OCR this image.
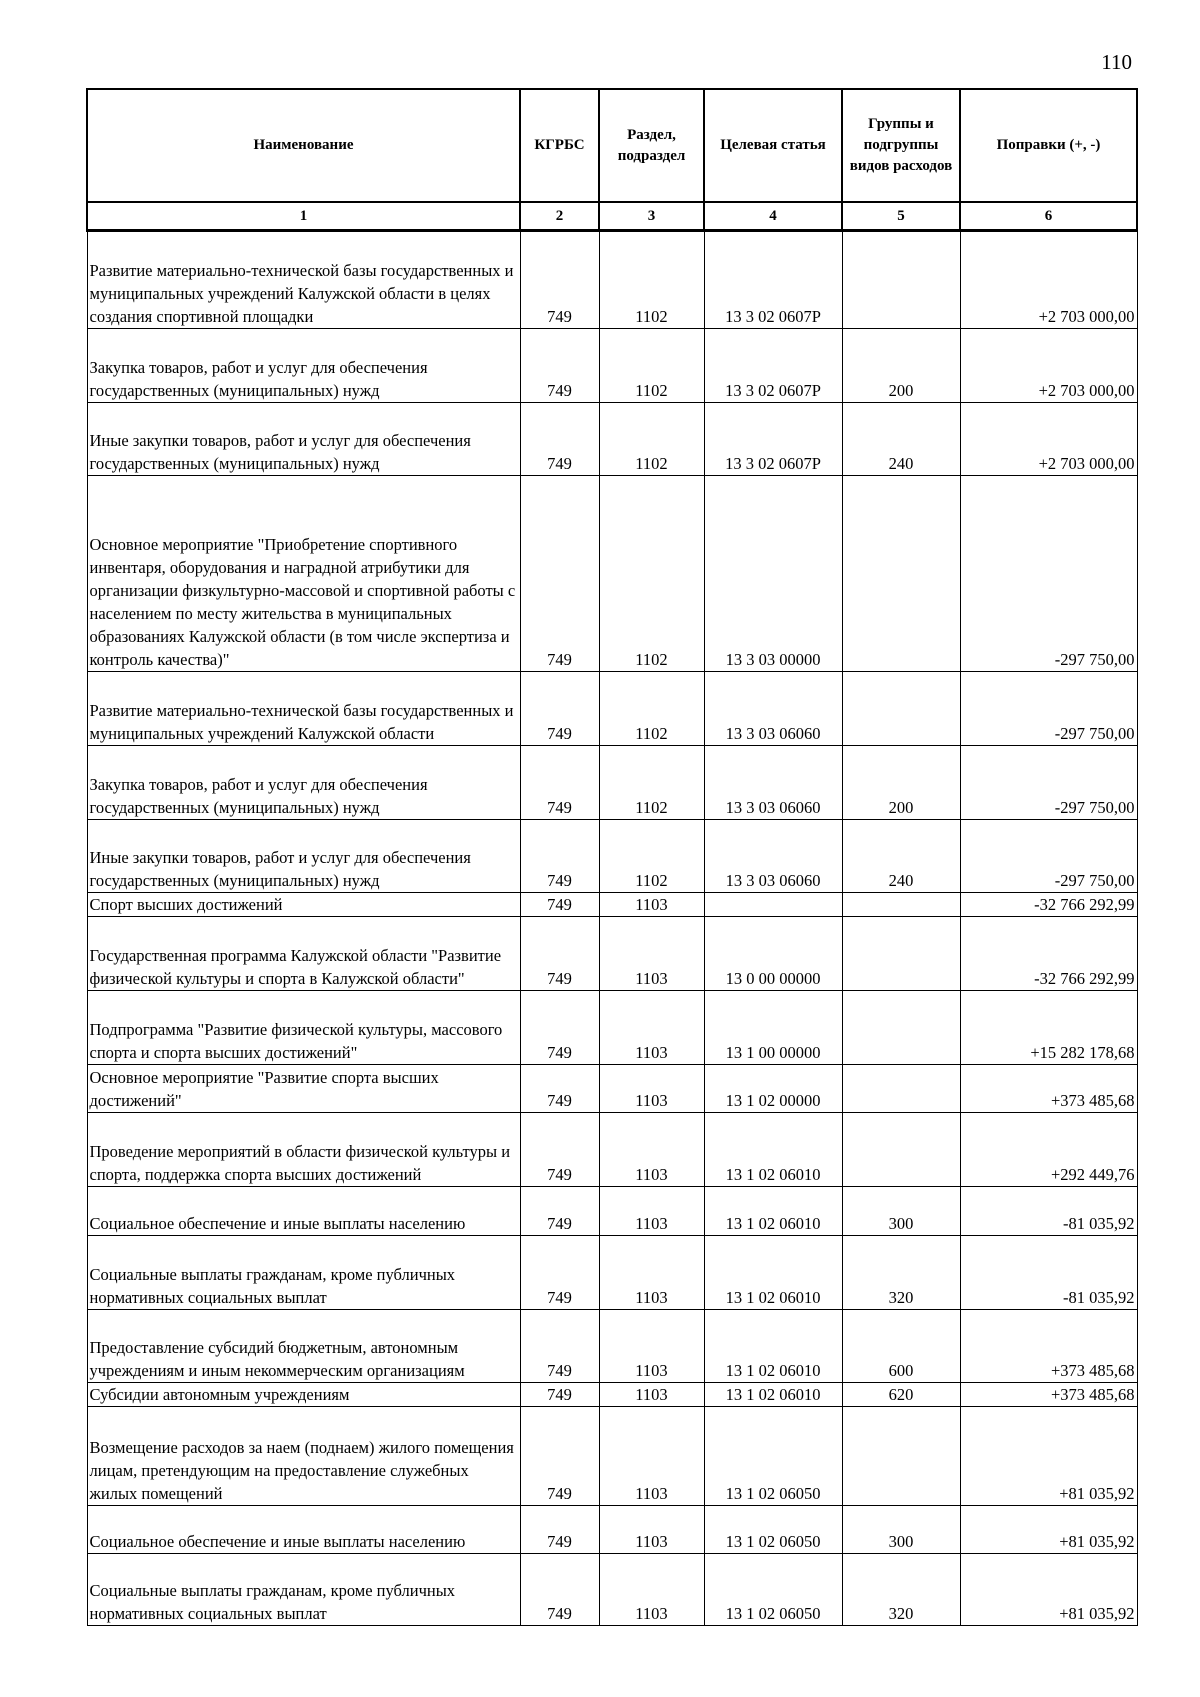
110
Наименование	КГРБС	Раздел, подраздел	Целевая статья	Группы и подгруппы видов расходов	Поправки (+, -)
1	2	3	4	5	6
Развитие материально-технической базы государственных и муниципальных учреждений Калужской области в целях создания спортивной площадки	749	1102	13 3 02 0607P		+2 703 000,00
Закупка товаров, работ и услуг для обеспечения государственных (муниципальных) нужд	749	1102	13 3 02 0607P	200	+2 703 000,00
Иные закупки товаров, работ и услуг для обеспечения государственных (муниципальных) нужд	749	1102	13 3 02 0607P	240	+2 703 000,00
Основное мероприятие "Приобретение спортивного инвентаря, оборудования и наградной атрибутики для организации физкультурно-массовой и спортивной работы с населением по месту жительства в муниципальных образованиях Калужской области (в том числе экспертиза и контроль качества)"	749	1102	13 3 03 00000		-297 750,00
Развитие материально-технической базы государственных и муниципальных учреждений Калужской области	749	1102	13 3 03 06060		-297 750,00
Закупка товаров, работ и услуг для обеспечения государственных (муниципальных) нужд	749	1102	13 3 03 06060	200	-297 750,00
Иные закупки товаров, работ и услуг для обеспечения государственных (муниципальных) нужд	749	1102	13 3 03 06060	240	-297 750,00
Спорт высших достижений	749	1103			-32 766 292,99
Государственная программа Калужской области "Развитие физической культуры и спорта в Калужской области"	749	1103	13 0 00 00000		-32 766 292,99
Подпрограмма "Развитие физической культуры, массового спорта и спорта высших достижений"	749	1103	13 1 00 00000		+15 282 178,68
Основное мероприятие "Развитие спорта высших достижений"	749	1103	13 1 02 00000		+373 485,68
Проведение мероприятий в области физической культуры и спорта, поддержка спорта высших достижений	749	1103	13 1 02 06010		+292 449,76
Социальное обеспечение и иные выплаты населению	749	1103	13 1 02 06010	300	-81 035,92
Социальные выплаты гражданам, кроме публичных нормативных социальных выплат	749	1103	13 1 02 06010	320	-81 035,92
Предоставление субсидий бюджетным, автономным учреждениям и иным некоммерческим организациям	749	1103	13 1 02 06010	600	+373 485,68
Субсидии автономным учреждениям	749	1103	13 1 02 06010	620	+373 485,68
Возмещение расходов за наем (поднаем) жилого помещения лицам, претендующим на предоставление служебных жилых помещений	749	1103	13 1 02 06050		+81 035,92
Социальное обеспечение и иные выплаты населению	749	1103	13 1 02 06050	300	+81 035,92
Социальные выплаты гражданам, кроме публичных нормативных социальных выплат	749	1103	13 1 02 06050	320	+81 035,92
